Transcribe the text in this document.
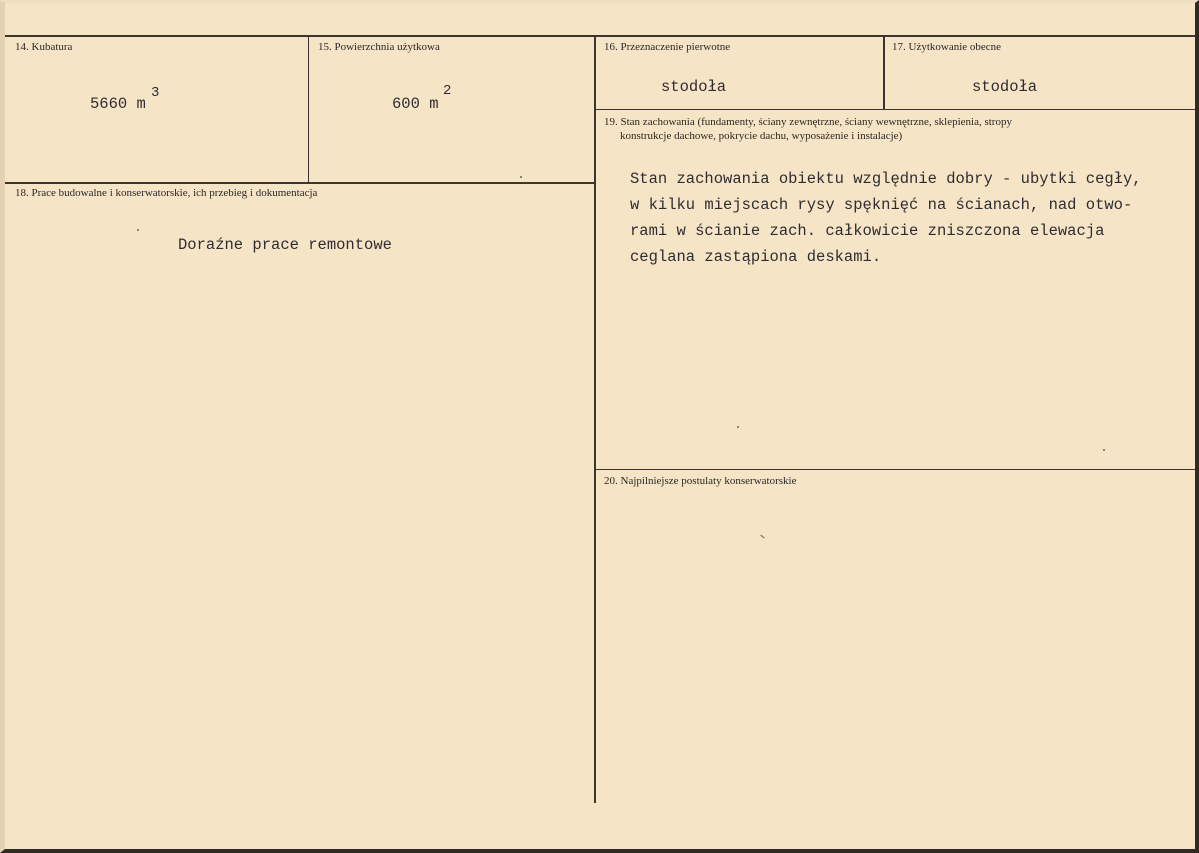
14. Kubatura
5660 m
3
15. Powierzchnia użytkowa
600 m
2
16. Przeznaczenie pierwotne
stodoła
17. Użytkowanie obecne
stodoła
18. Prace budowalne i konserwatorskie, ich przebieg i dokumentacja
Doraźne prace remontowe
19. Stan zachowania (fundamenty, ściany zewnętrzne, ściany wewnętrzne, sklepienia, stropy
konstrukcje dachowe, pokrycie dachu, wyposażenie i instalacje)
Stan zachowania obiektu względnie dobry - ubytki cegły,
w kilku miejscach rysy spęknięć na ścianach, nad otwo-
rami w ścianie zach. całkowicie zniszczona elewacja
ceglana zastąpiona deskami.
20. Najpilniejsze postulaty konserwatorskie
